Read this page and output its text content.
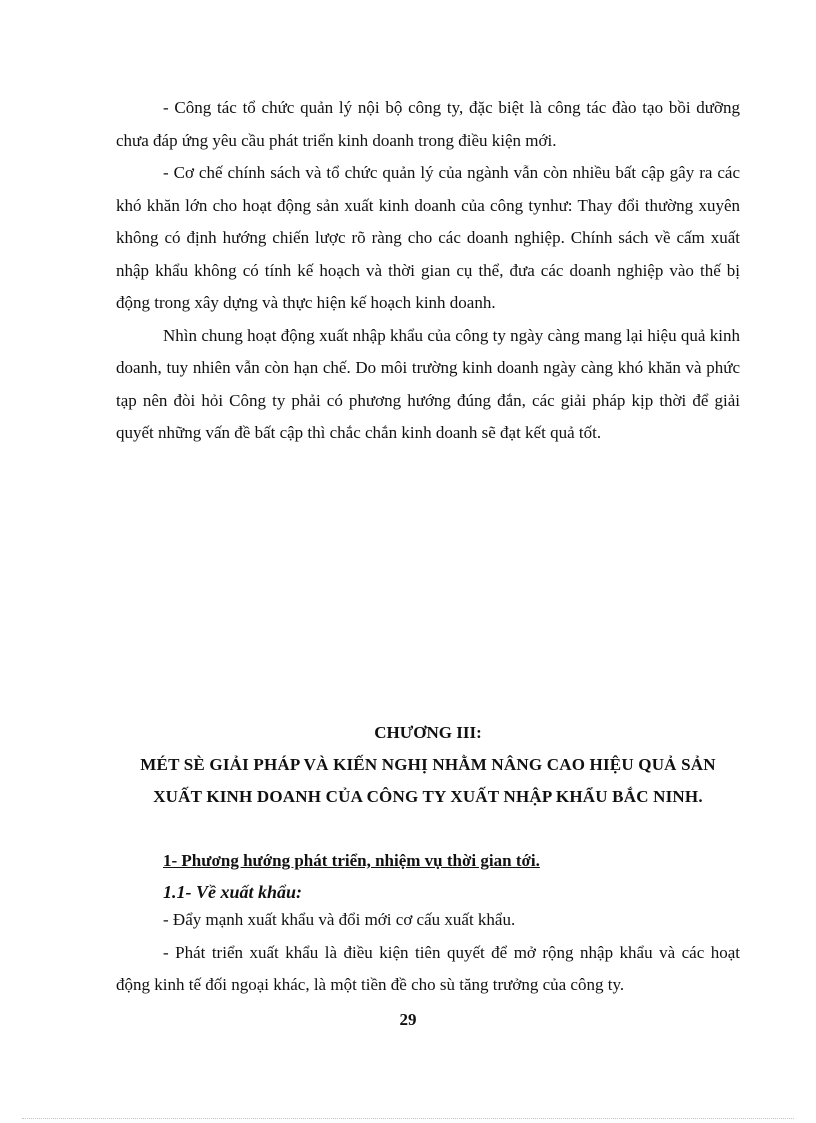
- Công tác tổ chức quản lý nội bộ công ty, đặc biệt là công tác đào tạo bồi dưỡng chưa đáp ứng yêu cầu phát triển kinh doanh trong điều kiện mới.

- Cơ chế chính sách và tổ chức quản lý của ngành vẫn còn nhiều bất cập gây ra các khó khăn lớn cho hoạt động sản xuất kinh doanh của công tynhư: Thay đổi thường xuyên không có định hướng chiến lược rõ ràng cho các doanh nghiệp. Chính sách về cấm xuất nhập khẩu không có tính kế hoạch và thời gian cụ thể, đưa các doanh nghiệp vào thế bị động trong xây dựng và thực hiện kế hoạch kinh doanh.

Nhìn chung hoạt động xuất nhập khẩu của công ty ngày càng mang lại hiệu quả kinh doanh, tuy nhiên vẫn còn hạn chế. Do môi trường kinh doanh ngày càng khó khăn và phức tạp nên đòi hỏi Công ty phải có phương hướng đúng đắn, các giải pháp kịp thời để giải quyết những vấn đề bất cập thì chắc chắn kinh doanh sẽ đạt kết quả tốt.

CHƯƠNG III:
MÉT SÈ GIẢI PHÁP VÀ KIẾN NGHỊ NHẰM NÂNG CAO HIỆU QUẢ SẢN XUẤT KINH DOANH CỦA CÔNG TY XUẤT NHẬP KHẨU BẮC NINH.
1- Phương hướng phát triển, nhiệm vụ thời gian tới.
1.1- Về xuất khẩu:

- Đẩy mạnh xuất khẩu và đổi mới cơ cấu xuất khẩu.

- Phát triển xuất khẩu là điều kiện tiên quyết để mở rộng nhập khẩu và các hoạt động kinh tế đối ngoại khác, là một tiền đề cho sù tăng trưởng của công ty.

29
